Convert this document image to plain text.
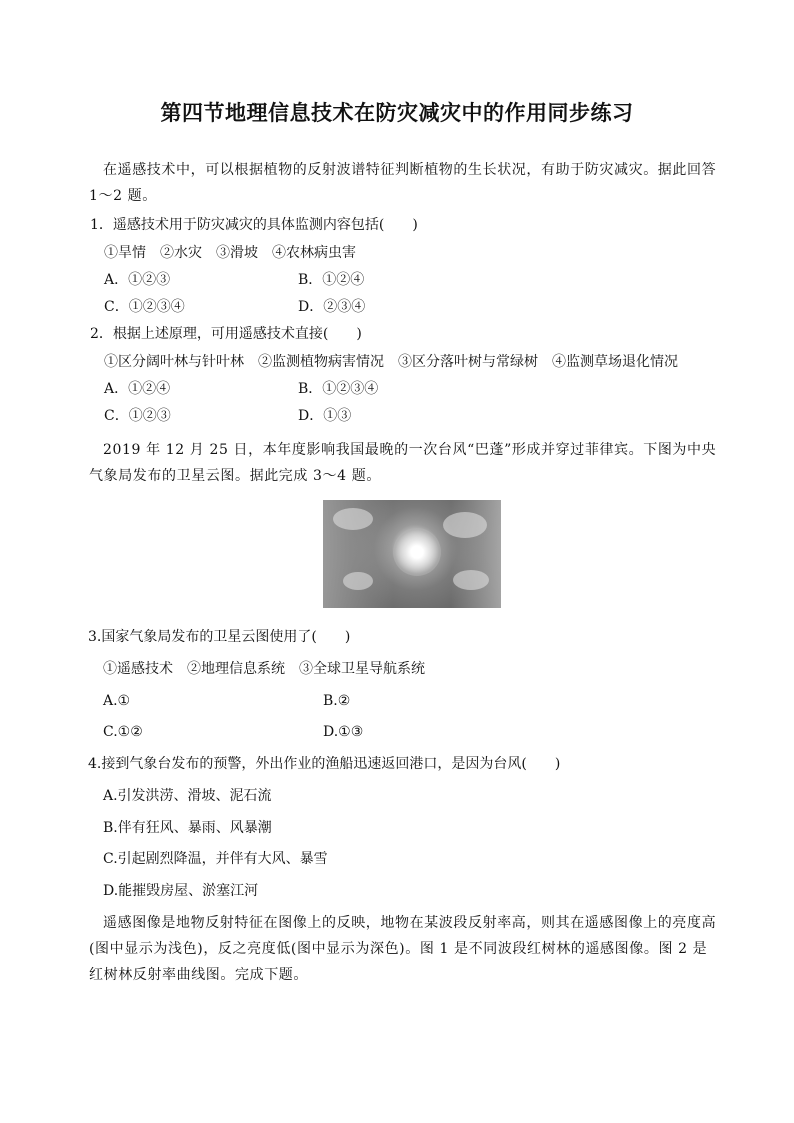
第四节地理信息技术在防灾减灾中的作用同步练习
在遥感技术中，可以根据植物的反射波谱特征判断植物的生长状况，有助于防灾减灾。据此回答 1～2 题。
1．遥感技术用于防灾减灾的具体监测内容包括(　　)
①旱情　②水灾　③滑坡　④农林病虫害
A．①②③	B．①②④
C．①②③④	D．②③④
2．根据上述原理，可用遥感技术直接(　　)
①区分阔叶林与针叶林　②监测植物病害情况　③区分落叶树与常绿树　④监测草场退化情况
A．①②④	B．①②③④
C．①②③	D．①③
2019 年 12 月 25 日，本年度影响我国最晚的一次台风“巴蓬”形成并穿过菲律宾。下图为中央气象局发布的卫星云图。据此完成 3～4 题。
3.国家气象局发布的卫星云图使用了(　　)
①遥感技术　②地理信息系统　③全球卫星导航系统
A.①	B.②
C.①②	D.①③
4.接到气象台发布的预警，外出作业的渔船迅速返回港口，是因为台风(　　)
A.引发洪涝、滑坡、泥石流
B.伴有狂风、暴雨、风暴潮
C.引起剧烈降温，并伴有大风、暴雪
D.能摧毁房屋、淤塞江河
遥感图像是地物反射特征在图像上的反映，地物在某波段反射率高，则其在遥感图像上的亮度高(图中显示为浅色)，反之亮度低(图中显示为深色)。图 1 是不同波段红树林的遥感图像。图 2 是红树林反射率曲线图。完成下题。
